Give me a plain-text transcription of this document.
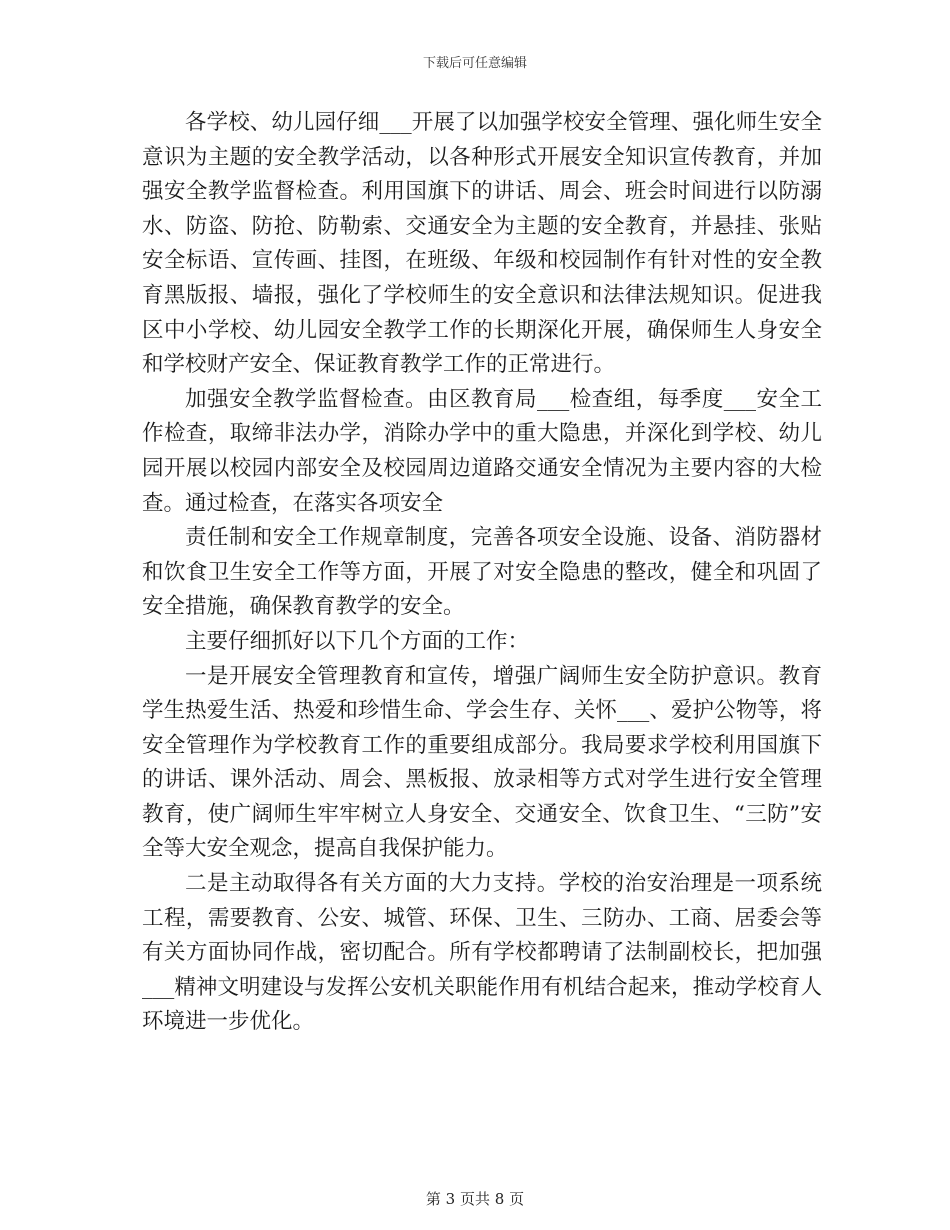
下载后可任意编辑

各学校、幼儿园仔细___开展了以加强学校安全管理、强化师生安全意识为主题的安全教学活动，以各种形式开展安全知识宣传教育，并加强安全教学监督检查。利用国旗下的讲话、周会、班会时间进行以防溺水、防盗、防抢、防勒索、交通安全为主题的安全教育，并悬挂、张贴安全标语、宣传画、挂图，在班级、年级和校园制作有针对性的安全教育黑版报、墙报，强化了学校师生的安全意识和法律法规知识。促进我区中小学校、幼儿园安全教学工作的长期深化开展，确保师生人身安全和学校财产安全、保证教育教学工作的正常进行。

加强安全教学监督检查。由区教育局___检查组，每季度___安全工作检查，取缔非法办学，消除办学中的重大隐患，并深化到学校、幼儿园开展以校园内部安全及校园周边道路交通安全情况为主要内容的大检查。通过检查，在落实各项安全

责任制和安全工作规章制度，完善各项安全设施、设备、消防器材和饮食卫生安全工作等方面，开展了对安全隐患的整改，健全和巩固了安全措施，确保教育教学的安全。

主要仔细抓好以下几个方面的工作：

一是开展安全管理教育和宣传，增强广阔师生安全防护意识。教育学生热爱生活、热爱和珍惜生命、学会生存、关怀___、爱护公物等，将安全管理作为学校教育工作的重要组成部分。我局要求学校利用国旗下的讲话、课外活动、周会、黑板报、放录相等方式对学生进行安全管理教育，使广阔师生牢牢树立人身安全、交通安全、饮食卫生、“三防”安全等大安全观念，提高自我保护能力。

二是主动取得各有关方面的大力支持。学校的治安治理是一项系统工程，需要教育、公安、城管、环保、卫生、三防办、工商、居委会等有关方面协同作战，密切配合。所有学校都聘请了法制副校长，把加强___精神文明建设与发挥公安机关职能作用有机结合起来，推动学校育人环境进一步优化。

第 3 页共 8 页
